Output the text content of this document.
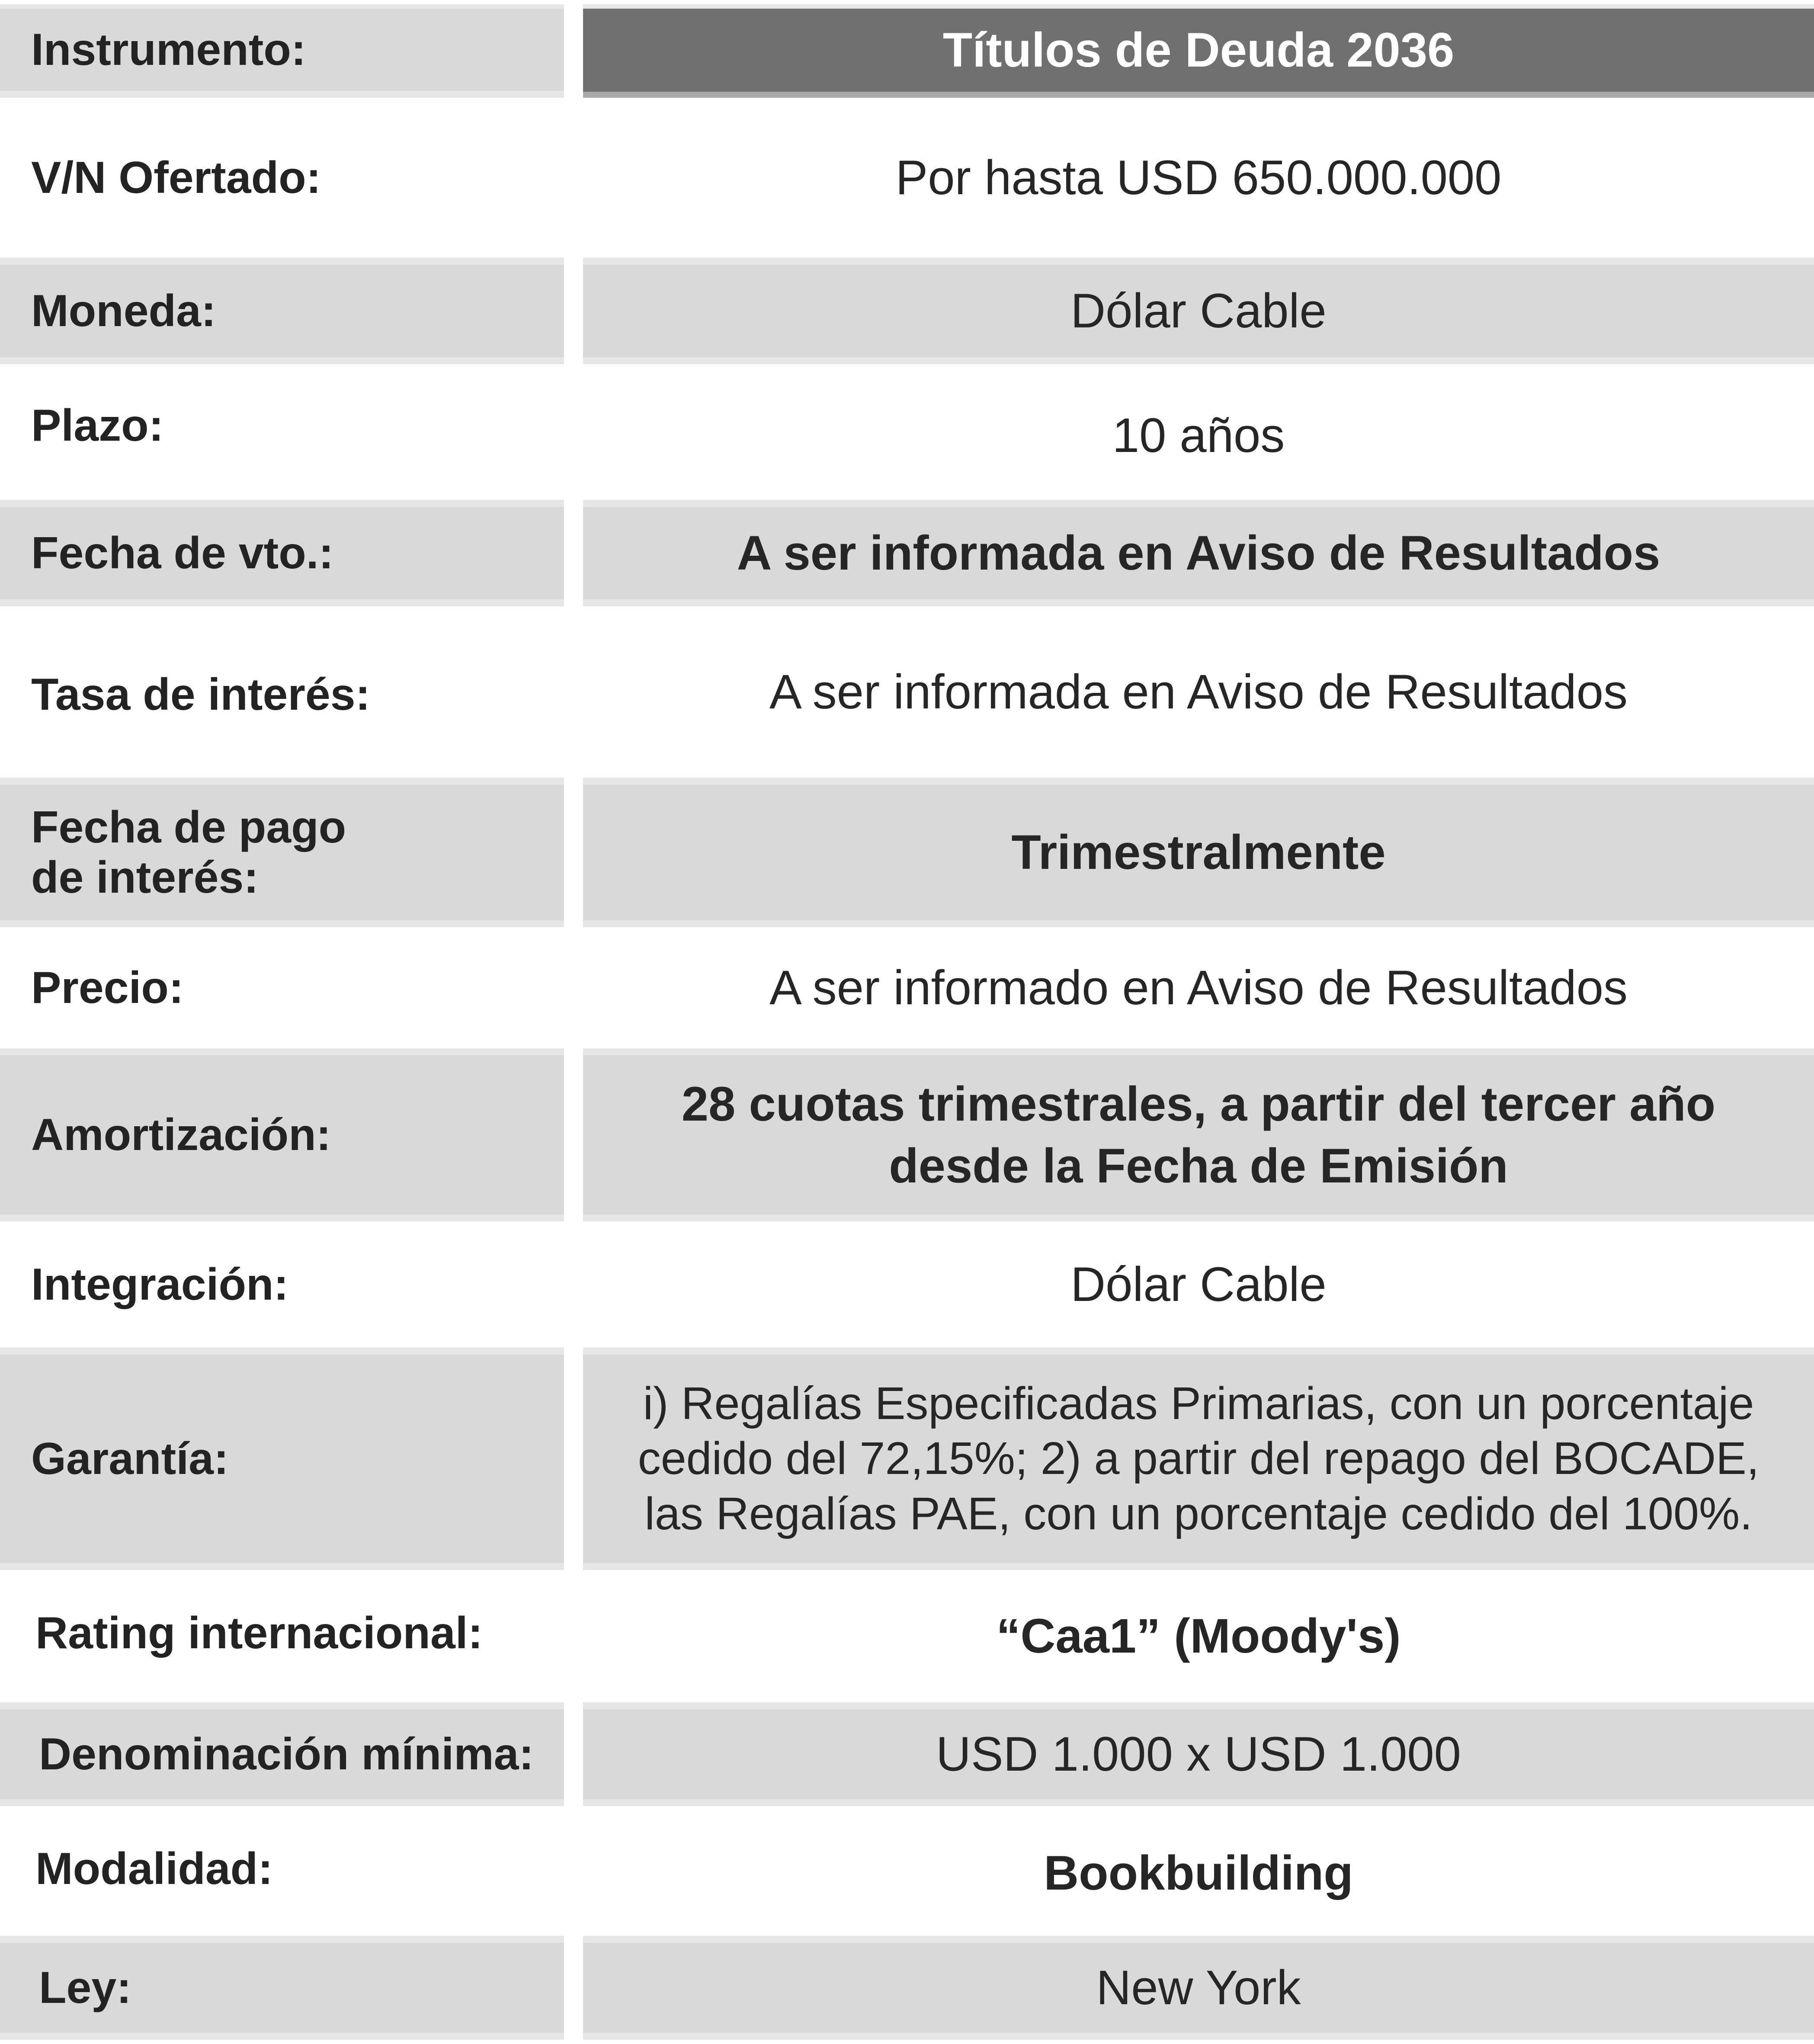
Instrumento:	Títulos de Deuda 2036
V/N Ofertado:	Por hasta USD 650.000.000
Moneda:	Dólar Cable
Plazo:	10 años
Fecha de vto.:	A ser informada en Aviso de Resultados
Tasa de interés:	A ser informada en Aviso de Resultados
Fecha de pago
de interés:	Trimestralmente
Precio:	A ser informado en Aviso de Resultados
Amortización:
28 cuotas trimestrales, a partir del tercer año
desde la Fecha de Emisión
Integración:	Dólar Cable
Garantía:
i) Regalías Especificadas Primarias, con un porcentaje
cedido del 72,15%; 2) a partir del repago del BOCADE,
las Regalías PAE, con un porcentaje cedido del 100%.
Rating internacional:	“Caa1” (Moody's)
Denominación mínima:	USD 1.000 x USD 1.000
Modalidad:	Bookbuilding
Ley:	New York
